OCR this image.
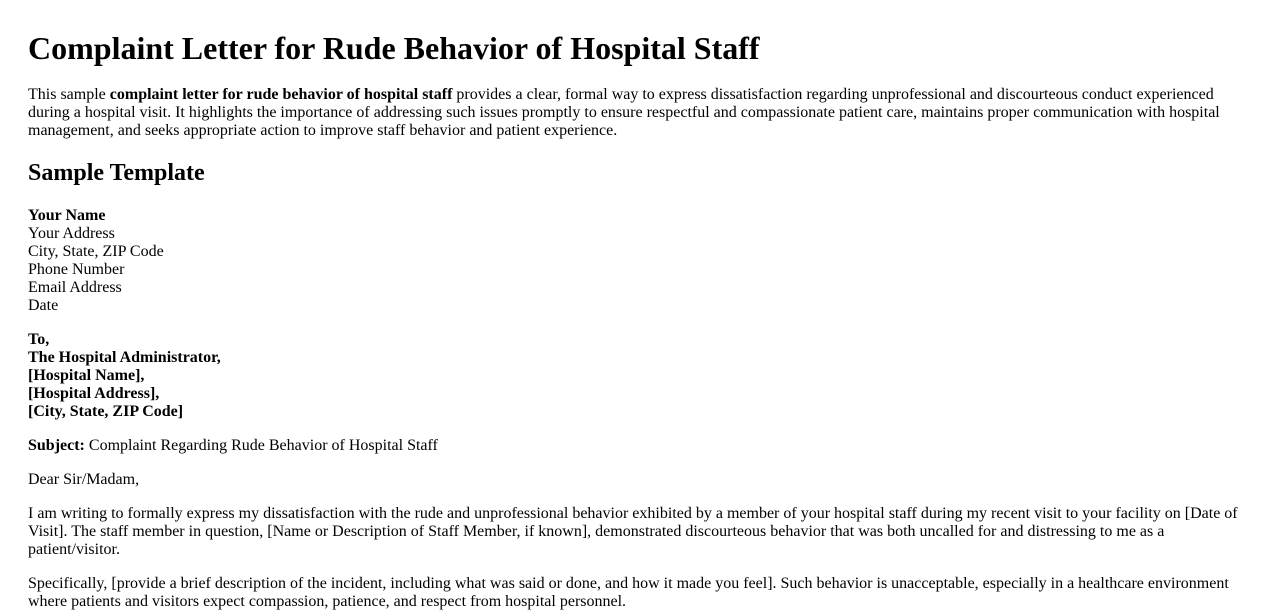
Complaint Letter for Rude Behavior of Hospital Staff

This sample complaint letter for rude behavior of hospital staff provides a clear, formal way to express dissatisfaction regarding unprofessional and discourteous conduct experienced
during a hospital visit. It highlights the importance of addressing such issues promptly to ensure respectful and compassionate patient care, maintains proper communication with hospital
management, and seeks appropriate action to improve staff behavior and patient experience.

Sample Template

Your Name
Your Address
City, State, ZIP Code
Phone Number
Email Address
Date

To,
The Hospital Administrator,
[Hospital Name],
[Hospital Address],
[City, State, ZIP Code]

Subject: Complaint Regarding Rude Behavior of Hospital Staff

Dear Sir/Madam,

I am writing to formally express my dissatisfaction with the rude and unprofessional behavior exhibited by a member of your hospital staff during my recent visit to your facility on [Date of
Visit]. The staff member in question, [Name or Description of Staff Member, if known], demonstrated discourteous behavior that was both uncalled for and distressing to me as a
patient/visitor.

Specifically, [provide a brief description of the incident, including what was said or done, and how it made you feel]. Such behavior is unacceptable, especially in a healthcare environment
where patients and visitors expect compassion, patience, and respect from hospital personnel.
